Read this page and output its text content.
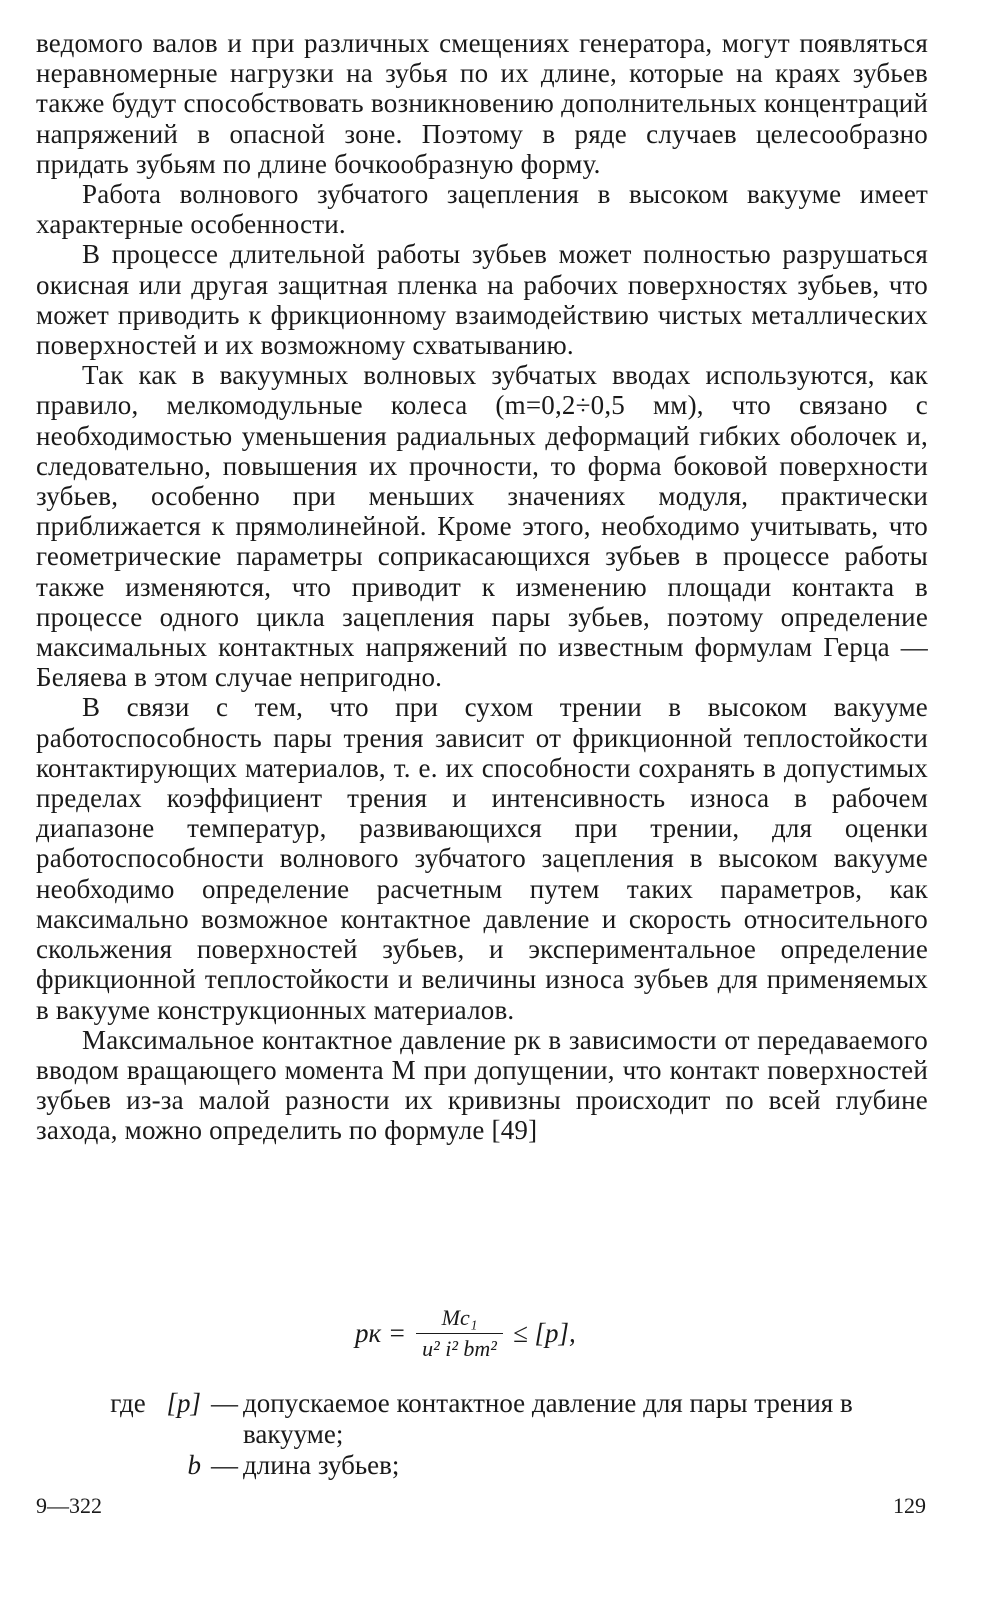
ведомого валов и при различных смещениях генератора, могут появляться неравномерные нагрузки на зубья по их длине, которые на краях зубьев также будут способствовать возникновению дополнительных концентраций напряжений в опасной зоне. Поэтому в ряде случаев целесообразно придать зубьям по длине бочкообразную форму.

Работа волнового зубчатого зацепления в высоком вакууме имеет характерные особенности.

В процессе длительной работы зубьев может полностью разрушаться окисная или другая защитная пленка на рабочих поверхностях зубьев, что может приводить к фрикционному взаимодействию чистых металлических поверхностей и их возможному схватыванию.

Так как в вакуумных волновых зубчатых вводах используются, как правило, мелкомодульные колеса (m=0,2÷0,5 мм), что связано с необходимостью уменьшения радиальных деформаций гибких оболочек и, следовательно, повышения их прочности, то форма боковой поверхности зубьев, особенно при меньших значениях модуля, практически приближается к прямолинейной. Кроме этого, необходимо учитывать, что геометрические параметры соприкасающихся зубьев в процессе работы также изменяются, что приводит к изменению площади контакта в процессе одного цикла зацепления пары зубьев, поэтому определение максимальных контактных напряжений по известным формулам Герца — Беляева в этом случае непригодно.

В связи с тем, что при сухом трении в высоком вакууме работоспособность пары трения зависит от фрикционной теплостойкости контактирующих материалов, т. е. их способности сохранять в допустимых пределах коэффициент трения и интенсивность износа в рабочем диапазоне температур, развивающихся при трении, для оценки работоспособности волнового зубчатого зацепления в высоком вакууме необходимо определение расчетным путем таких параметров, как максимально возможное контактное давление и скорость относительного скольжения поверхностей зубьев, и экспериментальное определение фрикционной теплостойкости и величины износа зубьев для применяемых в вакууме конструкционных материалов.

Максимальное контактное давление pк в зависимости от передаваемого вводом вращающего момента M при допущении, что контакт поверхностей зубьев из-за малой разности их кривизны происходит по всей глубине захода, можно определить по формуле [49]

pк = $\frac{\text{Mc₁}}{\text{u² i² bm²}} \le [p]$,
где [p] — допускаемое контактное давление для пары трения в вакууме;
b — длина зубьев;
9—322	129
